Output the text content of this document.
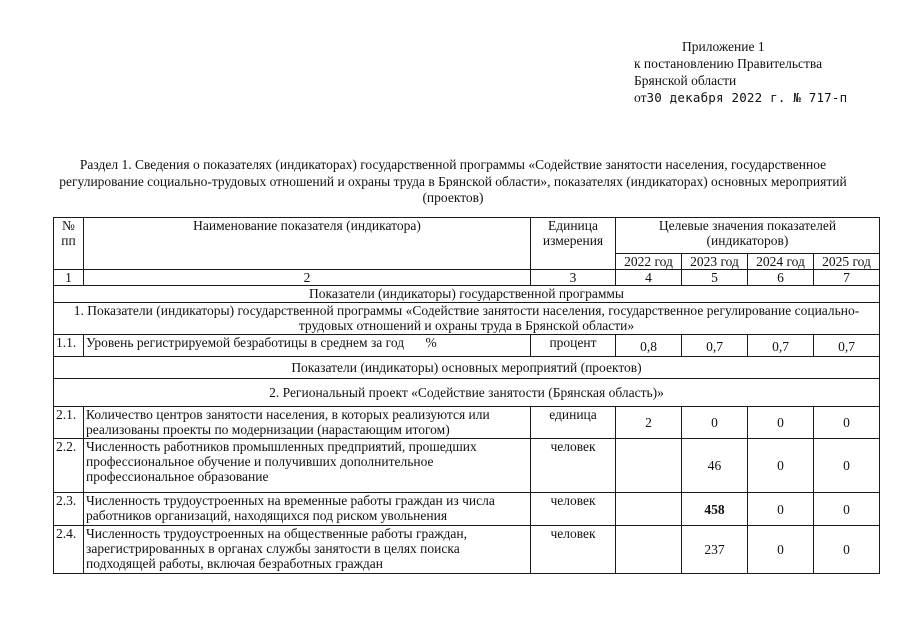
Приложение 1
к постановлению Правительства
Брянской области
от30 декабря 2022 г. № 717-п
Раздел 1. Сведения о показателях (индикаторах) государственной программы «Содействие занятости населения, государственное регулирование социально-трудовых отношений и охраны труда в Брянской области», показателях (индикаторах) основных мероприятий (проектов)
№ пп	Наименование показателя (индикатора)	Единица измерения	Целевые значения показателей (индикаторов)			
			2022 год	2023 год	2024 год	2025 год
1	2	3	4	5	6	7
Показатели (индикаторы) государственной программы						
1. Показатели (индикаторы) государственной программы «Содействие занятости населения, государственное регулирование социально-трудовых отношений и охраны труда в Брянской области»						
1.1.	Уровень регистрируемой безработицы в среднем за год %	процент	0,8	0,7	0,7	0,7
Показатели (индикаторы) основных мероприятий (проектов)						
2. Региональный проект «Содействие занятости (Брянская область)»						
2.1.	Количество центров занятости населения, в которых реализуются или реализованы проекты по модернизации (нарастающим итогом)	единица	2	0	0	0
2.2.	Численность работников промышленных предприятий, прошедших профессиональное обучение и получивших дополнительное профессиональное образование	человек		46	0	0
2.3.	Численность трудоустроенных на временные работы граждан из числа работников организаций, находящихся под риском увольнения	человек		458	0	0
2.4.	Численность трудоустроенных на общественные работы граждан, зарегистрированных в органах службы занятости в целях поиска подходящей работы, включая безработных граждан	человек		237	0	0
